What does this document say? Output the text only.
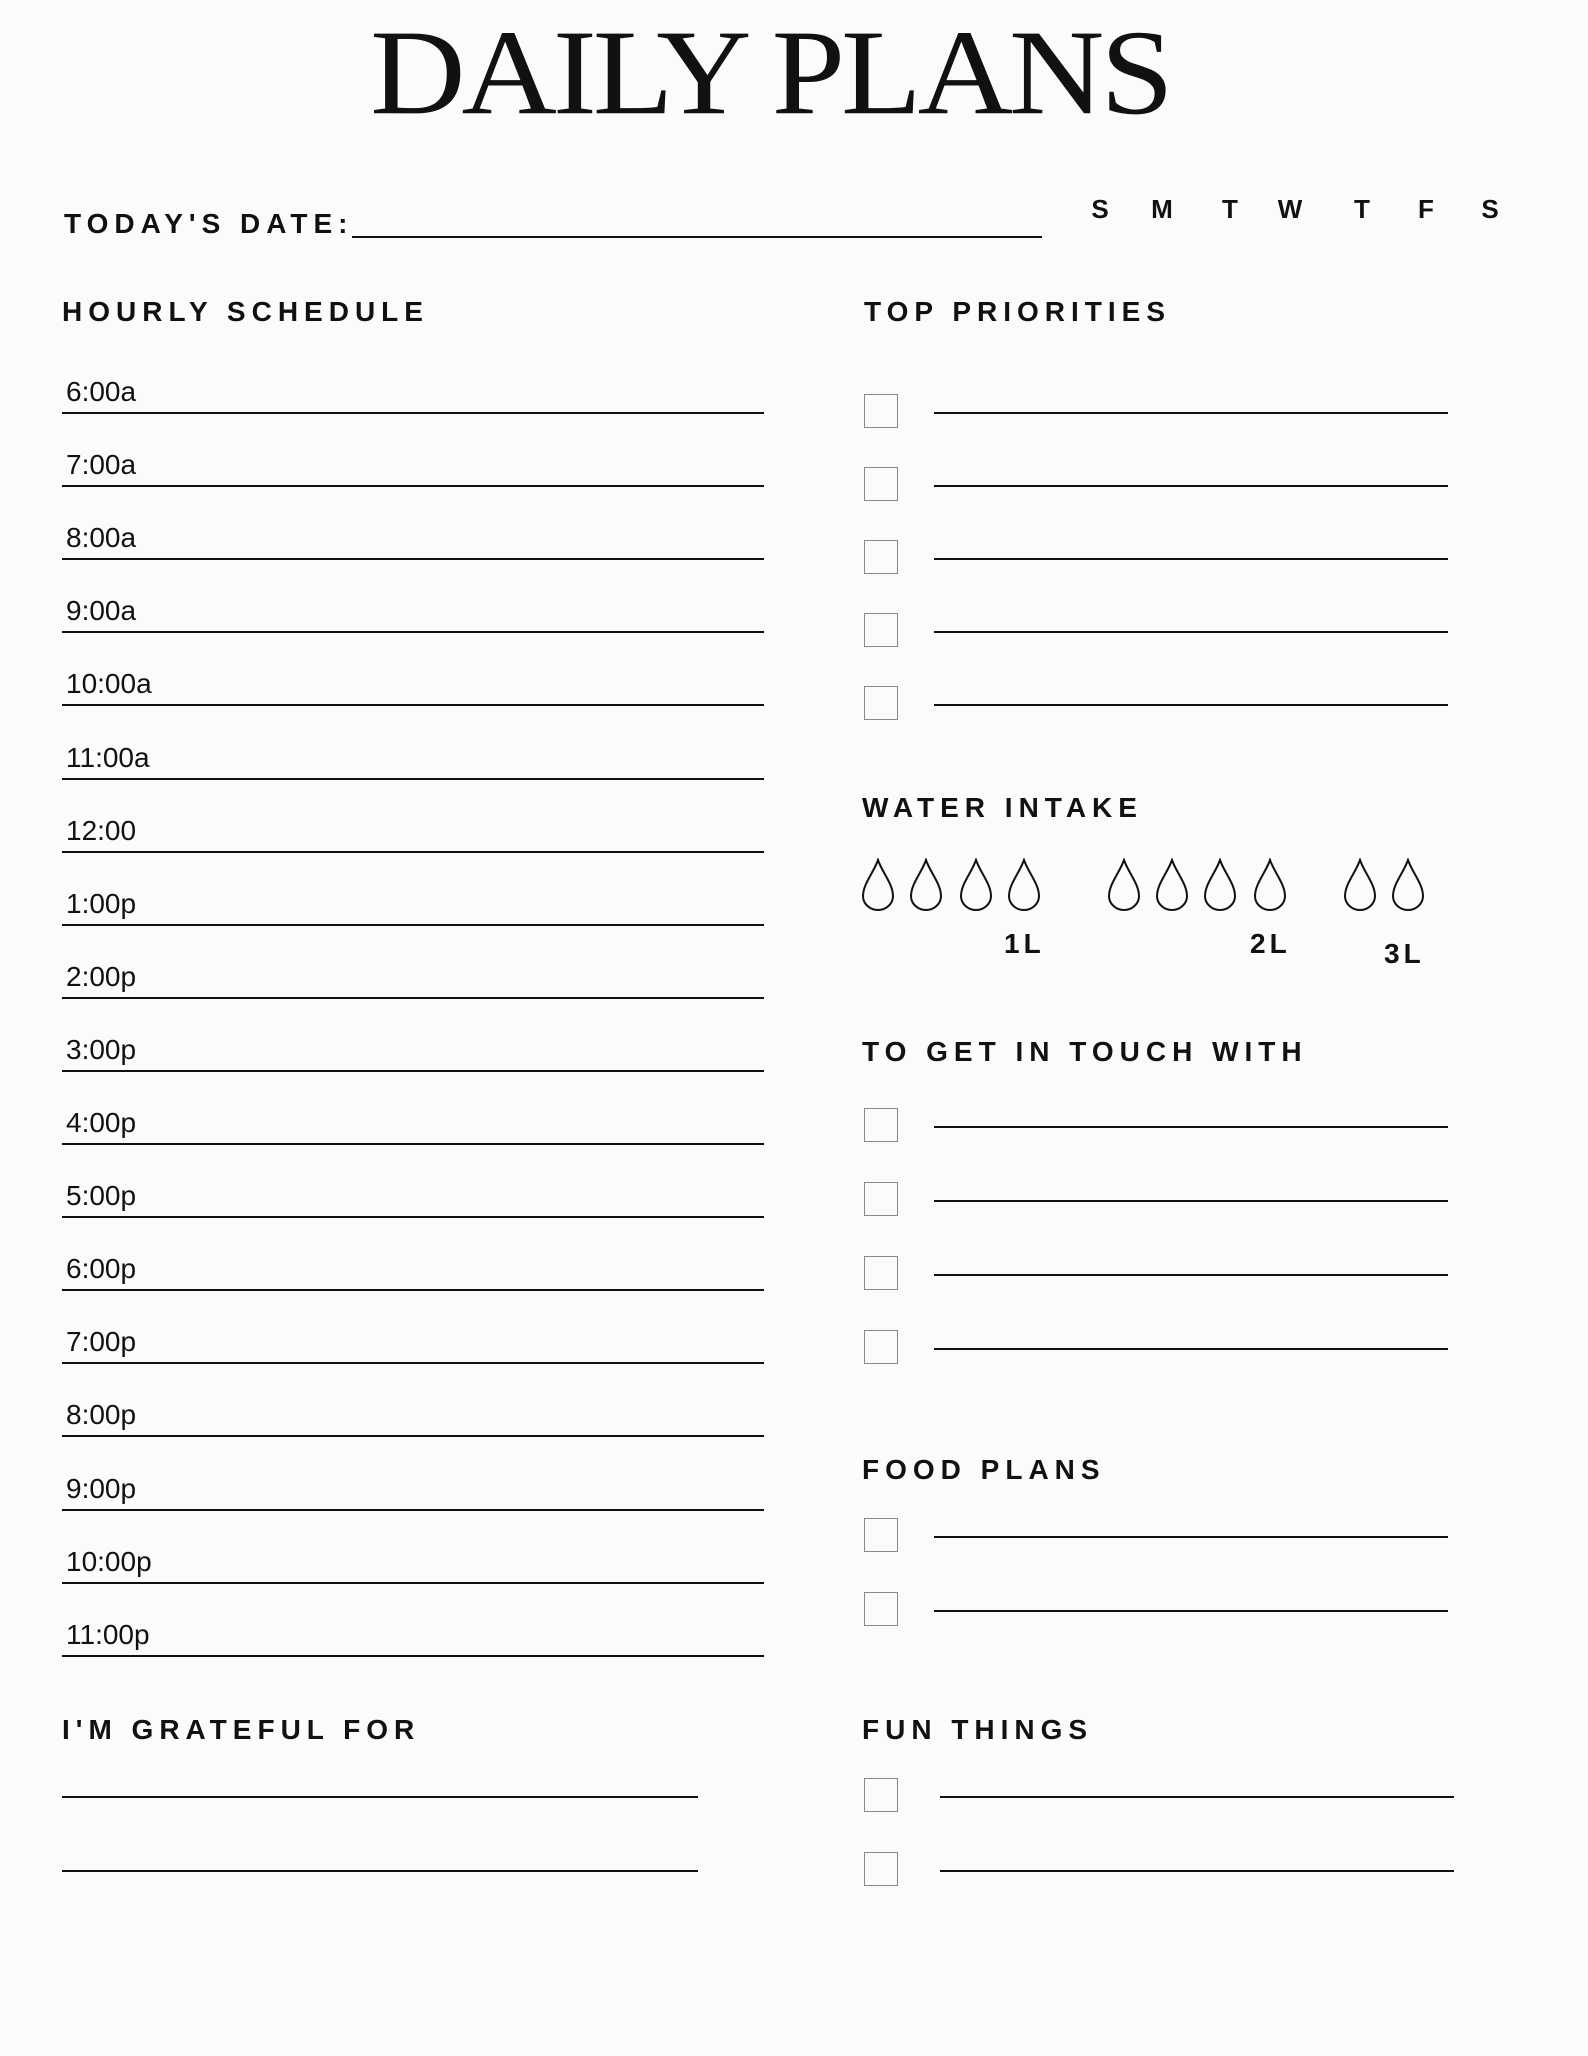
DAILY PLANS
TODAY'S DATE:	S	M	T	W	T	F	S
HOURLY SCHEDULE
6:00a
7:00a
8:00a
9:00a
10:00a
11:00a
12:00
1:00p
2:00p
3:00p
4:00p
5:00p
6:00p
7:00p
8:00p
9:00p
10:00p
11:00p
TOP PRIORITIES
WATER INTAKE
1L	2L	3L
TO GET IN TOUCH WITH
FOOD PLANS
I'M GRATEFUL FOR	FUN THINGS
